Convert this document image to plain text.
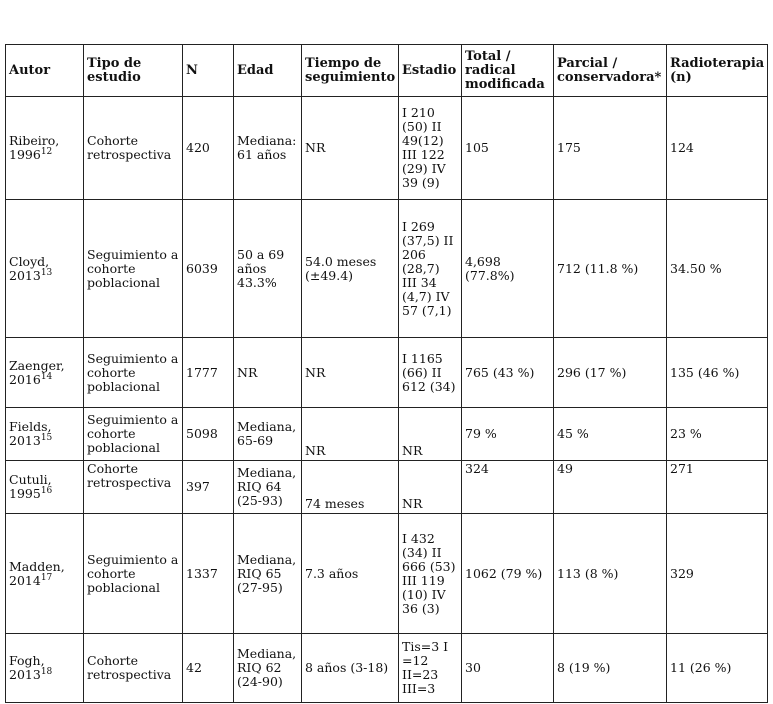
Autor	Tipo de estudio	N	Edad	Tiempo de seguimiento	Estadio	Total / radical modificada	Parcial / conservadora*	Radioterapia (n)
Ribeiro, 1996$^{12}$	Cohorte retrospectiva	420	Mediana: 61 años	NR	I 210 (50) II 49(12) III 122 (29) IV 39 (9)	105	175	124
Cloyd, 2013$^{13}$	Seguimiento a cohorte poblacional	6039	50 a 69 años 43.3%	54.0 meses (±49.4)	I 269 (37,5) II 206 (28,7) III 34 (4,7) IV 57 (7,1)	4,698 (77.8%)	712 (11.8 %)	34.50 %
Zaenger, 2016$^{14}$	Seguimiento a cohorte poblacional	1777	NR	NR	I 1165 (66) II 612 (34)	765 (43 %)	296 (17 %)	135 (46 %)
Fields, 2013$^{15}$	Seguimiento a cohorte poblacional	5098	Mediana, 65-69	NR	NR	79 %	45 %	23 %
Cutuli, 1995$^{16}$	Cohorte retrospectiva	397	Mediana, RIQ 64 (25-93)	74 meses	NR	324	49	271
Madden, 2014$^{17}$	Seguimiento a cohorte poblacional	1337	Mediana, RIQ 65 (27-95)	7.3 años	I 432 (34) II 666 (53) III 119 (10) IV 36 (3)	1062 (79 %)	113 (8 %)	329
Fogh, 2013$^{18}$	Cohorte retrospectiva	42	Mediana, RIQ 62 (24-90)	8 años (3-18)	Tis=3 I =12 II=23 III=3	30	8 (19 %)	11 (26 %)
